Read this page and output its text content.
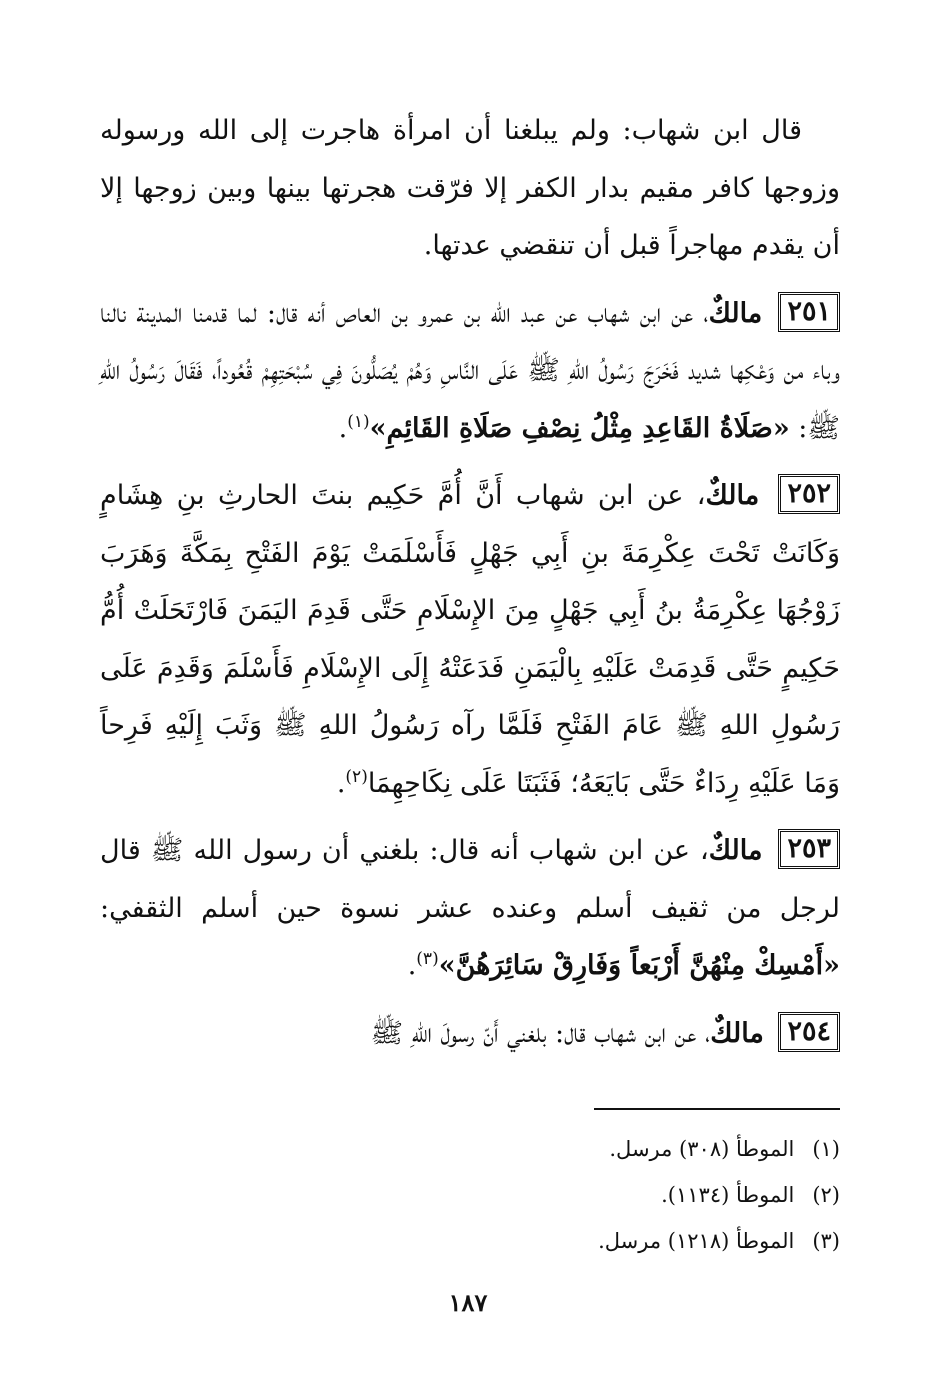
قال ابن شهاب: ولم يبلغنا أن امرأة هاجرت إلى الله ورسوله وزوجها كافر مقيم بدار الكفر إلا فرّقت هجرتها بينها وبين زوجها إلا أن يقدم مهاجراً قبل أن تنقضي عدتها.

٢٥١ مالكٌ، عن ابن شهاب عن عبد الله بن عمرو بن العاص أنه قال: لما قدمنا المدينة نالنا وباء من وَعْكِها شديد فَخَرَجَ رَسُولُ اللهِ ﷺ عَلَى النَّاسِ وَهُمْ يُصَلُّونَ فِي سُبْحَتِهِمْ قُعُوداً، فَقَالَ رَسُولُ اللهِ ﷺ: «صَلَاةُ القَاعِدِ مِثْلُ نِصْفِ صَلَاةِ القَائِمِ»$^{(١)}$.

٢٥٢ مالكٌ، عن ابن شهاب أَنَّ أُمَّ حَكِيم بنتَ الحارثِ بنِ هِشَامٍ وَكَانَتْ تَحْتَ عِكْرِمَةَ بنِ أَبِي جَهْلٍ فَأَسْلَمَتْ يَوْمَ الفَتْحِ بِمَكَّةَ وَهَرَبَ زَوْجُهَا عِكْرِمَةُ بنُ أَبِي جَهْلٍ مِنَ الإِسْلَامِ حَتَّى قَدِمَ اليَمَنَ فَارْتَحَلَتْ أُمُّ حَكِيمٍ حَتَّى قَدِمَتْ عَلَيْهِ بِالْيَمَنِ فَدَعَتْهُ إِلَى الإِسْلَامِ فَأَسْلَمَ وَقَدِمَ عَلَى رَسُولِ اللهِ ﷺ عَامَ الفَتْحِ فَلَمَّا رآه رَسُولُ اللهِ ﷺ وَثَبَ إِلَيْهِ فَرِحاً وَمَا عَلَيْهِ رِدَاءٌ حَتَّى بَايَعَهُ؛ فَثَبَتَا عَلَى نِكَاحِهِمَا$^{(٢)}$.

٢٥٣ مالكٌ، عن ابن شهاب أنه قال: بلغني أن رسول الله ﷺ قال لرجل من ثقيف أسلم وعنده عشر نسوة حين أسلم الثقفي: «أَمْسِكْ مِنْهُنَّ أَرْبَعاً وَفَارِقْ سَائِرَهُنَّ»$^{(٣)}$.

٢٥٤ مالكٌ، عن ابن شهاب قال: بلغني أَنّ رسولَ اللهِ ﷺ

(١)الموطأ (٣٠٨) مرسل.
(٢)الموطأ (١١٣٤).
(٣)الموطأ (١٢١٨) مرسل.
١٨٧
